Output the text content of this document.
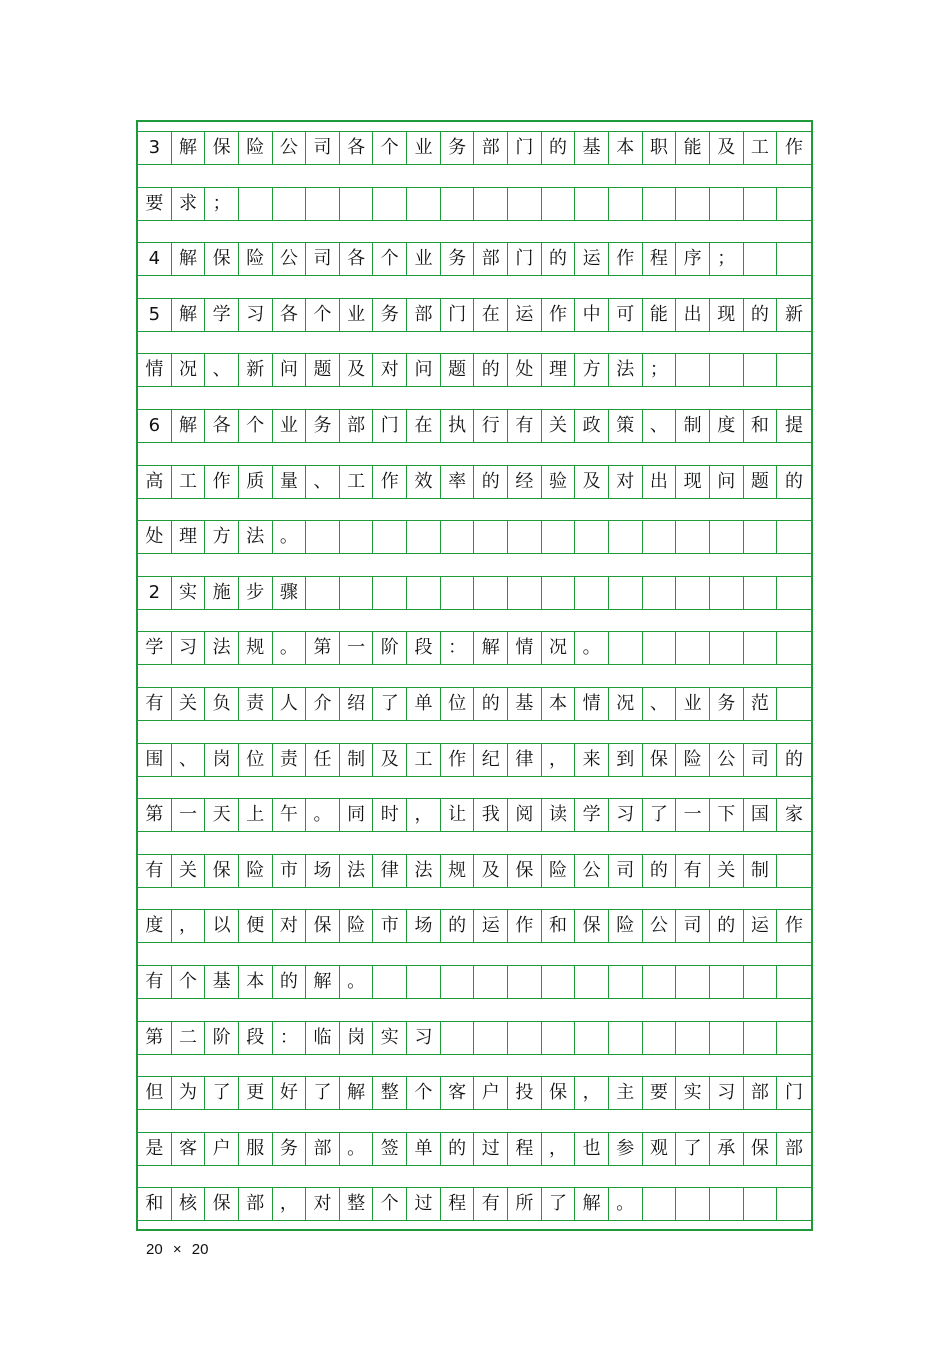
3	解 保 险 公 司 各 个 业 务 部 门 的 基 本 职 能 及 工 作
要 求 ；
4	解 保 险 公 司 各 个 业 务 部 门 的 运 作 程 序 ；
5	解 学 习 各 个 业 务 部 门 在 运 作 中 可 能 出 现 的 新
情 况 、 新 问 题 及 对 问 题 的 处 理 方 法 ；
6	解 各 个 业 务 部 门 在 执 行 有 关 政 策 、 制 度 和 提
高 工 作 质 量 、 工 作 效 率 的 经 验 及 对 出 现 问 题 的
处 理 方 法 。
2	实 施 步 骤
学 习 法 规 。 第 一 阶 段 ： 解 情 况 。
有 关 负 责 人 介 绍 了 单 位 的 基 本 情 况 、 业 务 范
围 、 岗 位 责 任 制 及 工 作 纪 律 ， 来 到 保 险 公 司 的
第 一 天 上 午 。 同 时 ， 让 我 阅 读 学 习 了 一 下 国 家
有 关 保 险 市 场 法 律 法 规 及 保 险 公 司 的 有 关 制
度 ， 以 便 对 保 险 市 场 的 运 作 和 保 险 公 司 的 运 作
有 个 基 本 的 解 。
第 二 阶 段 ： 临 岗 实 习
但 为 了 更 好 了 解 整 个 客 户 投 保 ， 主 要 实 习 部 门
是 客 户 服 务 部 。 签 单 的 过 程 ， 也 参 观 了 承 保 部
和 核 保 部 ， 对 整 个 过 程 有 所 了 解 。
20 × 20
